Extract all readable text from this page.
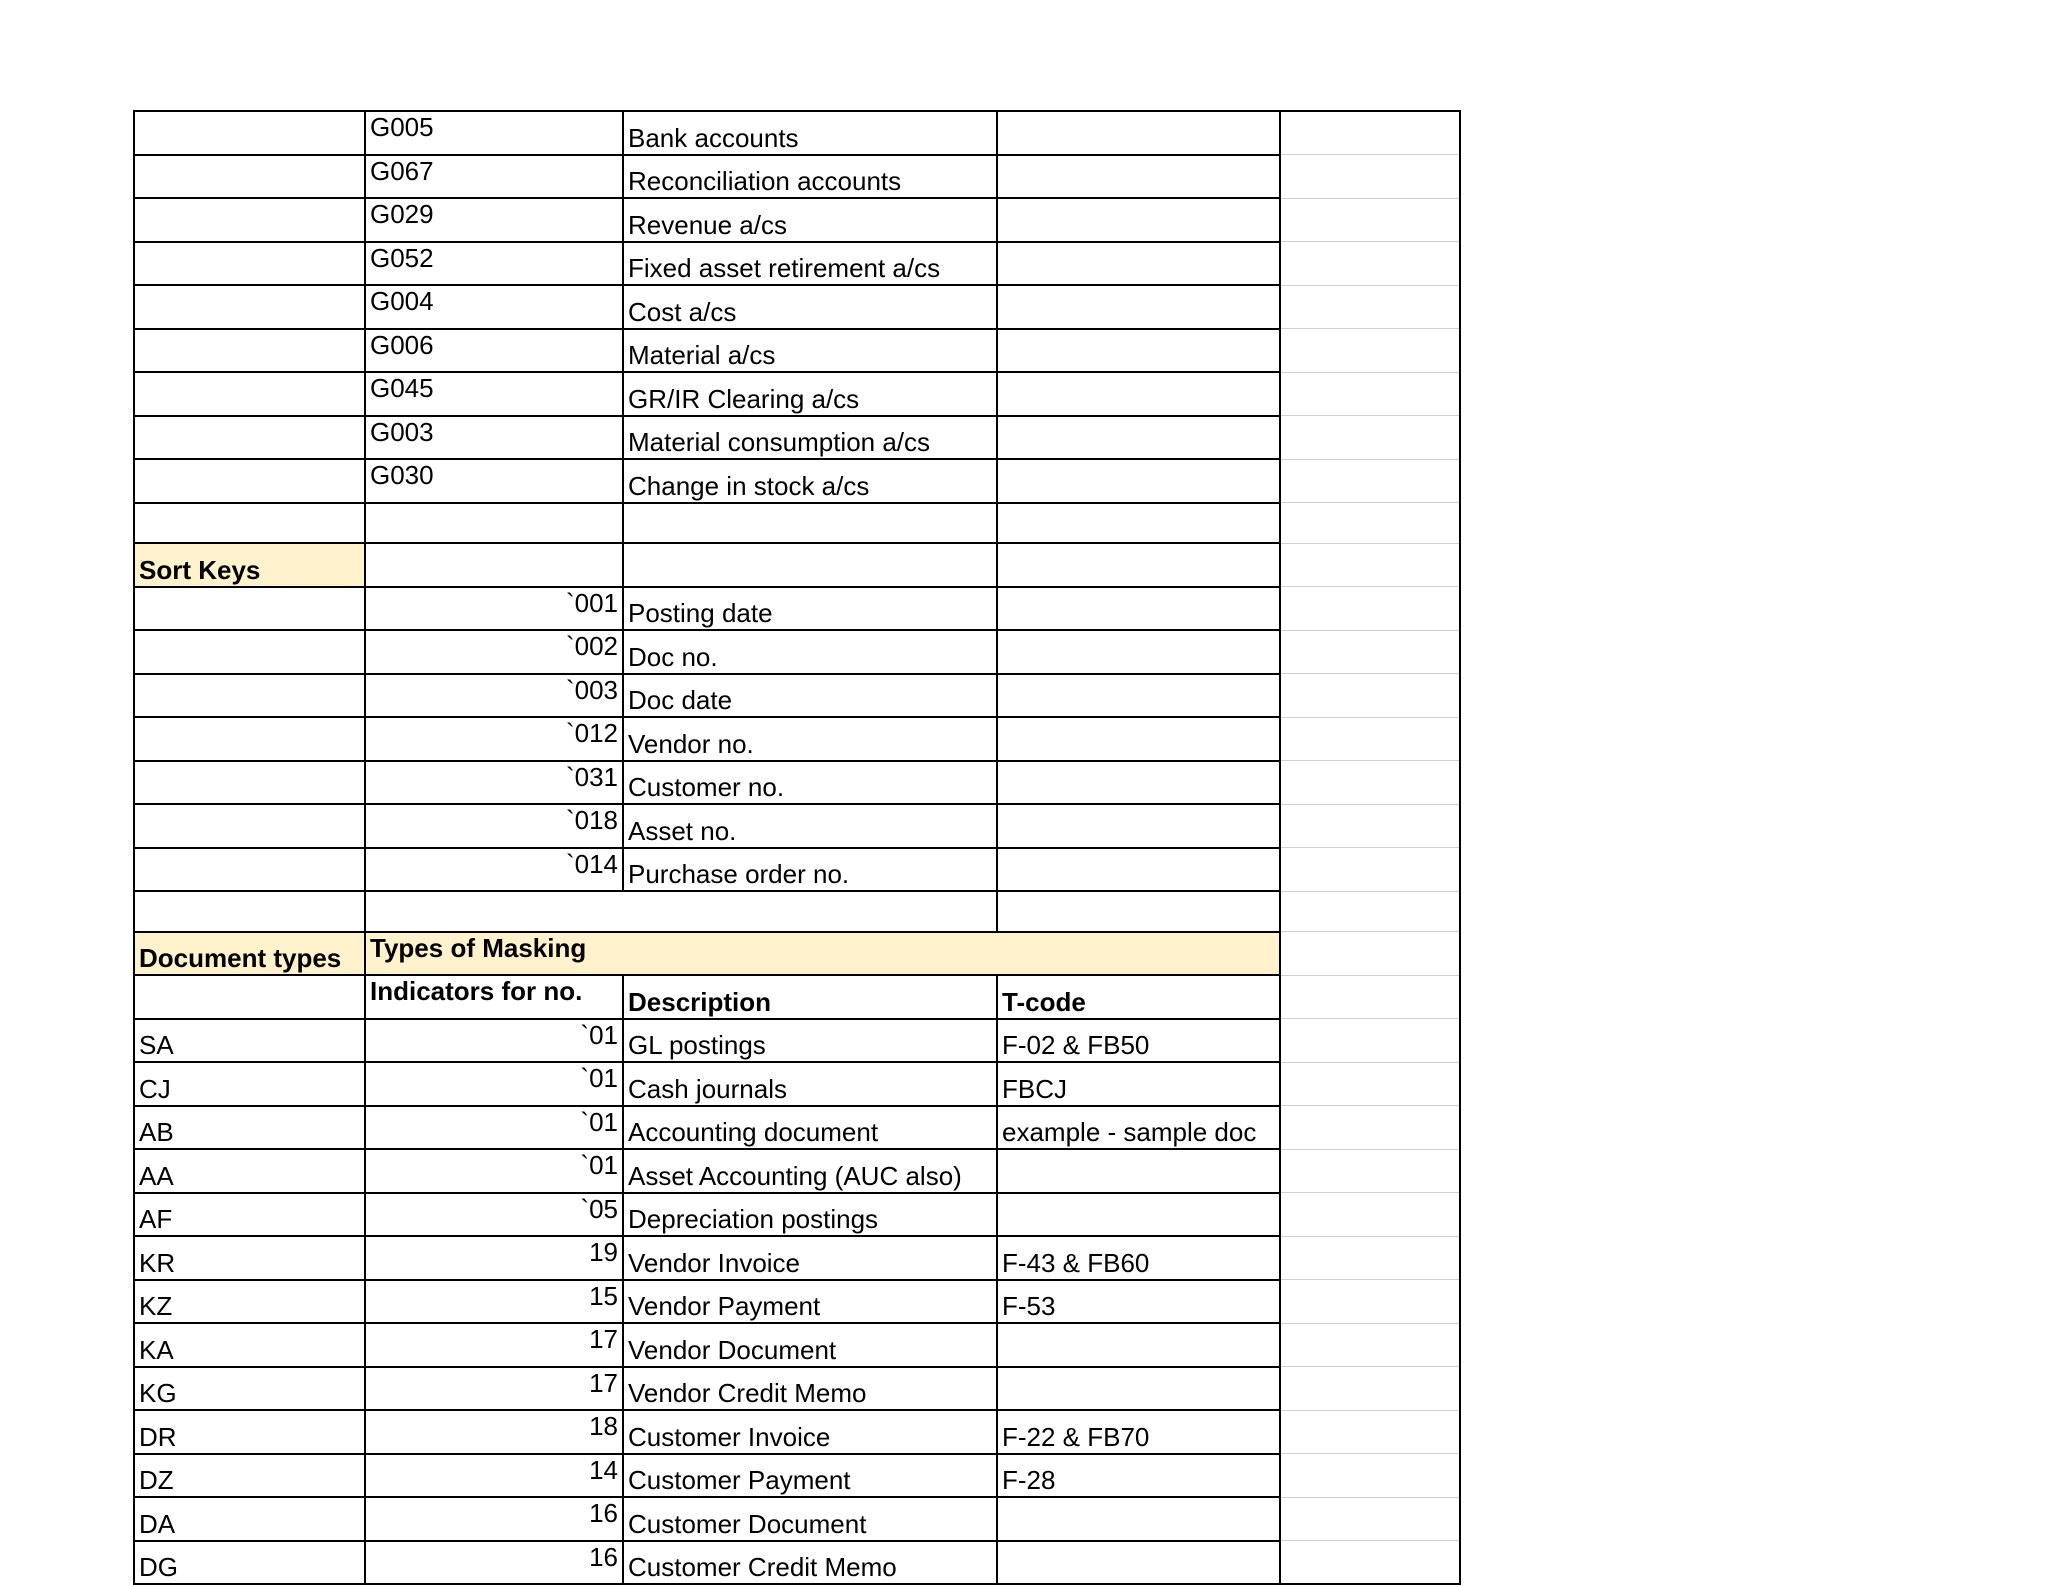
	G005	Bank accounts		
	G067	Reconciliation accounts		
	G029	Revenue a/cs		
	G052	Fixed asset retirement a/cs		
	G004	Cost a/cs		
	G006	Material a/cs		
	G045	GR/IR Clearing a/cs		
	G003	Material consumption a/cs		
	G030	Change in stock a/cs		

Sort Keys				
	`001	Posting date		
	`002	Doc no.		
	`003	Doc date		
	`012	Vendor no.		
	`031	Customer no.		
	`018	Asset no.		
	`014	Purchase order no.		

Document types	Types of Masking			
	Indicators for no.	Description	T-code	
SA	`01	GL postings	F-02 & FB50	
CJ	`01	Cash journals	FBCJ	
AB	`01	Accounting document	example - sample doc	
AA	`01	Asset Accounting (AUC also)		
AF	`05	Depreciation postings		
KR	19	Vendor Invoice	F-43 & FB60	
KZ	15	Vendor Payment	F-53	
KA	17	Vendor Document		
KG	17	Vendor Credit Memo		
DR	18	Customer Invoice	F-22 & FB70	
DZ	14	Customer Payment	F-28	
DA	16	Customer Document		
DG	16	Customer Credit Memo		
